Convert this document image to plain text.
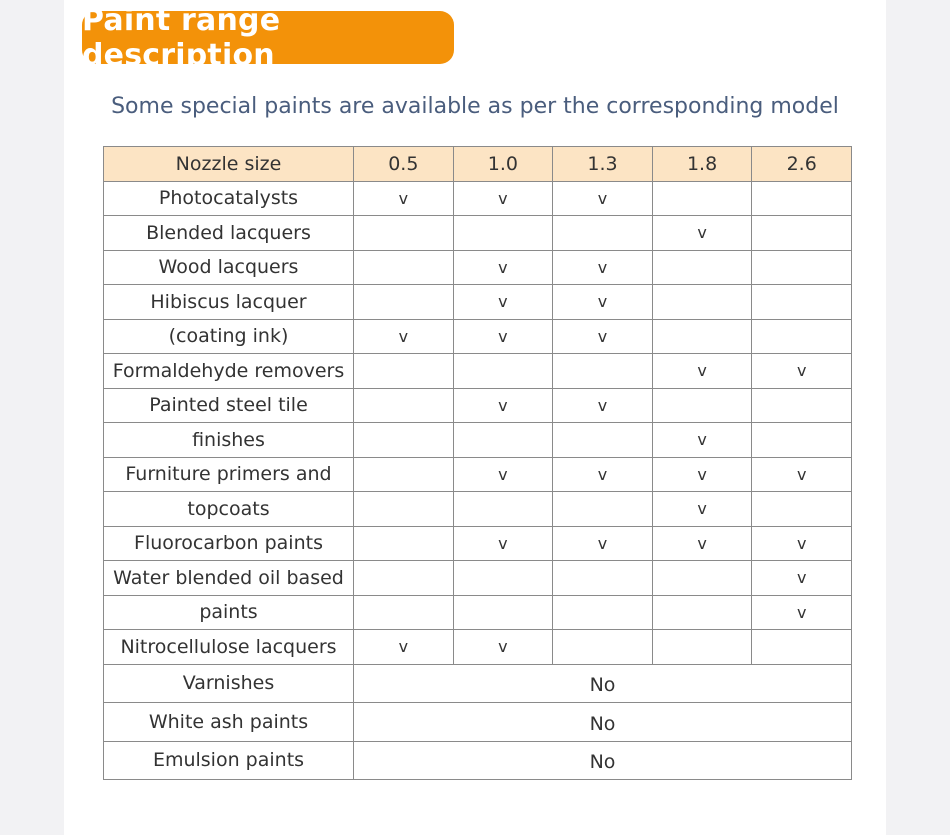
Paint range description
Some special paints are available as per the corresponding model
Nozzle size	0.5	1.0	1.3	1.8	2.6
Photocatalysts	v	v	v		
Blended lacquers				v	
Wood lacquers		v	v		
Hibiscus lacquer		v	v		
(coating ink)	v	v	v		
Formaldehyde removers				v	v
Painted steel tile		v	v		
finishes				v	
Furniture primers and		v	v	v	v
topcoats				v	
Fluorocarbon paints		v	v	v	v
Water blended oil based					v
paints					v
Nitrocellulose lacquers	v	v			
Varnishes	No				
White ash paints	No				
Emulsion paints	No				
